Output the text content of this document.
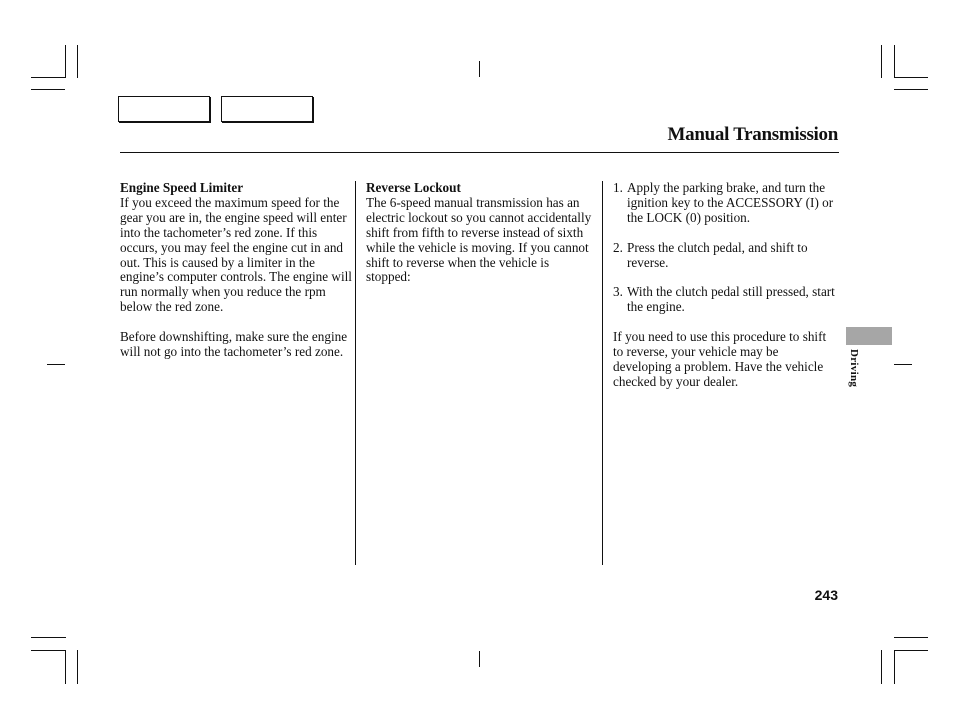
Manual Transmission

Engine Speed Limiter

If you exceed the maximum speed for the gear you are in, the engine speed will enter into the tachometer’s red zone. If this occurs, you may feel the engine cut in and out. This is caused by a limiter in the engine’s computer controls. The engine will run normally when you reduce the rpm below the red zone.

Before downshifting, make sure the engine will not go into the tachometer’s red zone.

Reverse Lockout

The 6-speed manual transmission has an electric lockout so you cannot accidentally shift from fifth to reverse instead of sixth while the vehicle is moving. If you cannot shift to reverse when the vehicle is stopped:

1. Apply the parking brake, and turn the ignition key to the ACCESSORY (I) or the LOCK (0) position.
2. Press the clutch pedal, and shift to reverse.
3. With the clutch pedal still pressed, start the engine.

If you need to use this procedure to shift to reverse, your vehicle may be developing a problem. Have the vehicle checked by your dealer.	Driving
243
